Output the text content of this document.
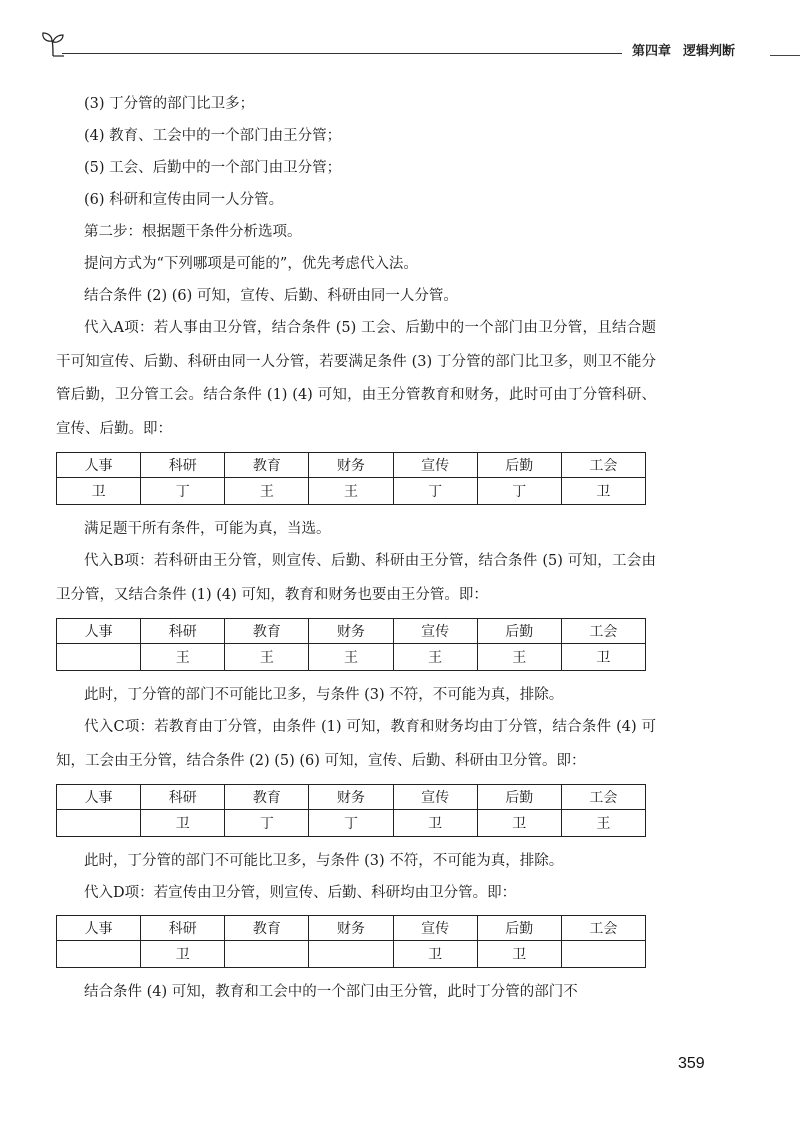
第四章 逻辑判断

(3) 丁分管的部门比卫多；

(4) 教育、工会中的一个部门由王分管；

(5) 工会、后勤中的一个部门由卫分管；

(6) 科研和宣传由同一人分管。

第二步：根据题干条件分析选项。

提问方式为“下列哪项是可能的”，优先考虑代入法。

结合条件 (2) (6) 可知，宣传、后勤、科研由同一人分管。

代入A项：若人事由卫分管，结合条件 (5) 工会、后勤中的一个部门由卫分管，且结合题干可知宣传、后勤、科研由同一人分管，若要满足条件 (3) 丁分管的部门比卫多，则卫不能分管后勤，卫分管工会。结合条件 (1) (4) 可知，由王分管教育和财务，此时可由丁分管科研、宣传、后勤。即：

人事	科研	教育	财务	宣传	后勤	工会
卫	丁	王	王	丁	丁	卫

满足题干所有条件，可能为真，当选。

代入B项：若科研由王分管，则宣传、后勤、科研由王分管，结合条件 (5) 可知，工会由卫分管，又结合条件 (1) (4) 可知，教育和财务也要由王分管。即：

人事	科研	教育	财务	宣传	后勤	工会
	王	王	王	王	王	卫

此时，丁分管的部门不可能比卫多，与条件 (3) 不符，不可能为真，排除。

代入C项：若教育由丁分管，由条件 (1) 可知，教育和财务均由丁分管，结合条件 (4) 可知，工会由王分管，结合条件 (2) (5) (6) 可知，宣传、后勤、科研由卫分管。即：

人事	科研	教育	财务	宣传	后勤	工会
	卫	丁	丁	卫	卫	王

此时，丁分管的部门不可能比卫多，与条件 (3) 不符，不可能为真，排除。

代入D项：若宣传由卫分管，则宣传、后勤、科研均由卫分管。即：

人事	科研	教育	财务	宣传	后勤	工会
	卫			卫	卫	

结合条件 (4) 可知，教育和工会中的一个部门由王分管，此时丁分管的部门不

359
